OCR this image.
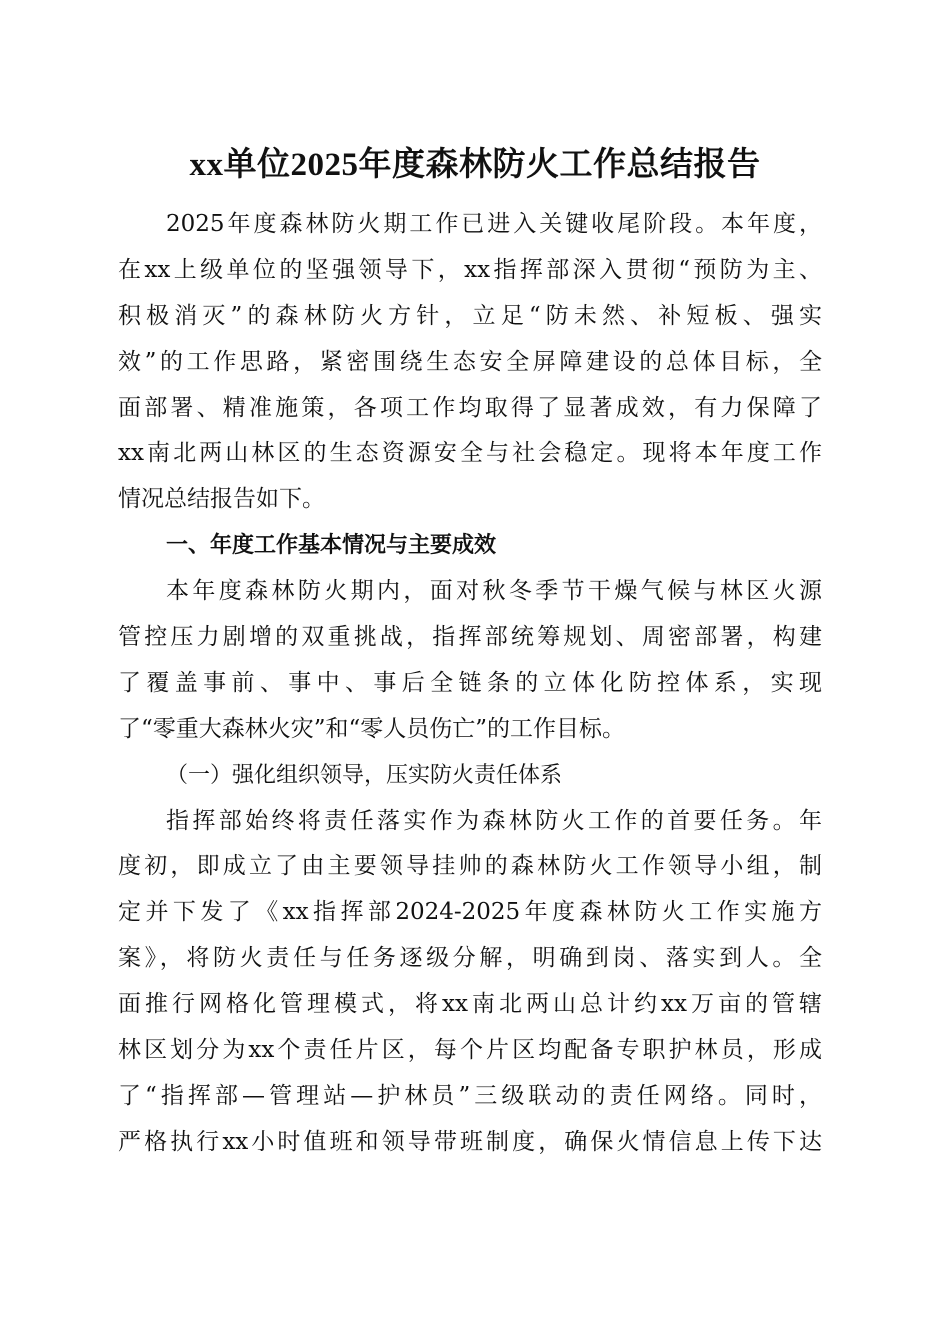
xx单位2025年度森林防火工作总结报告
2025年度森林防火期工作已进入关键收尾阶段。本年度，
在xx上级单位的坚强领导下，xx指挥部深入贯彻“预防为主、
积极消灭”的森林防火方针，立足“防未然、补短板、强实
效”的工作思路，紧密围绕生态安全屏障建设的总体目标，全
面部署、精准施策，各项工作均取得了显著成效，有力保障了
xx南北两山林区的生态资源安全与社会稳定。现将本年度工作
情况总结报告如下。
一、年度工作基本情况与主要成效
本年度森林防火期内，面对秋冬季节干燥气候与林区火源
管控压力剧增的双重挑战，指挥部统筹规划、周密部署，构建
了覆盖事前、事中、事后全链条的立体化防控体系，实现
了“零重大森林火灾”和“零人员伤亡”的工作目标。
（一）强化组织领导，压实防火责任体系
指挥部始终将责任落实作为森林防火工作的首要任务。年
度初，即成立了由主要领导挂帅的森林防火工作领导小组，制
定并下发了《xx指挥部2024-2025年度森林防火工作实施方
案》，将防火责任与任务逐级分解，明确到岗、落实到人。全
面推行网格化管理模式，将xx南北两山总计约xx万亩的管辖
林区划分为xx个责任片区，每个片区均配备专职护林员，形成
了“指挥部—管理站—护林员”三级联动的责任网络。同时，
严格执行xx小时值班和领导带班制度，确保火情信息上传下达
